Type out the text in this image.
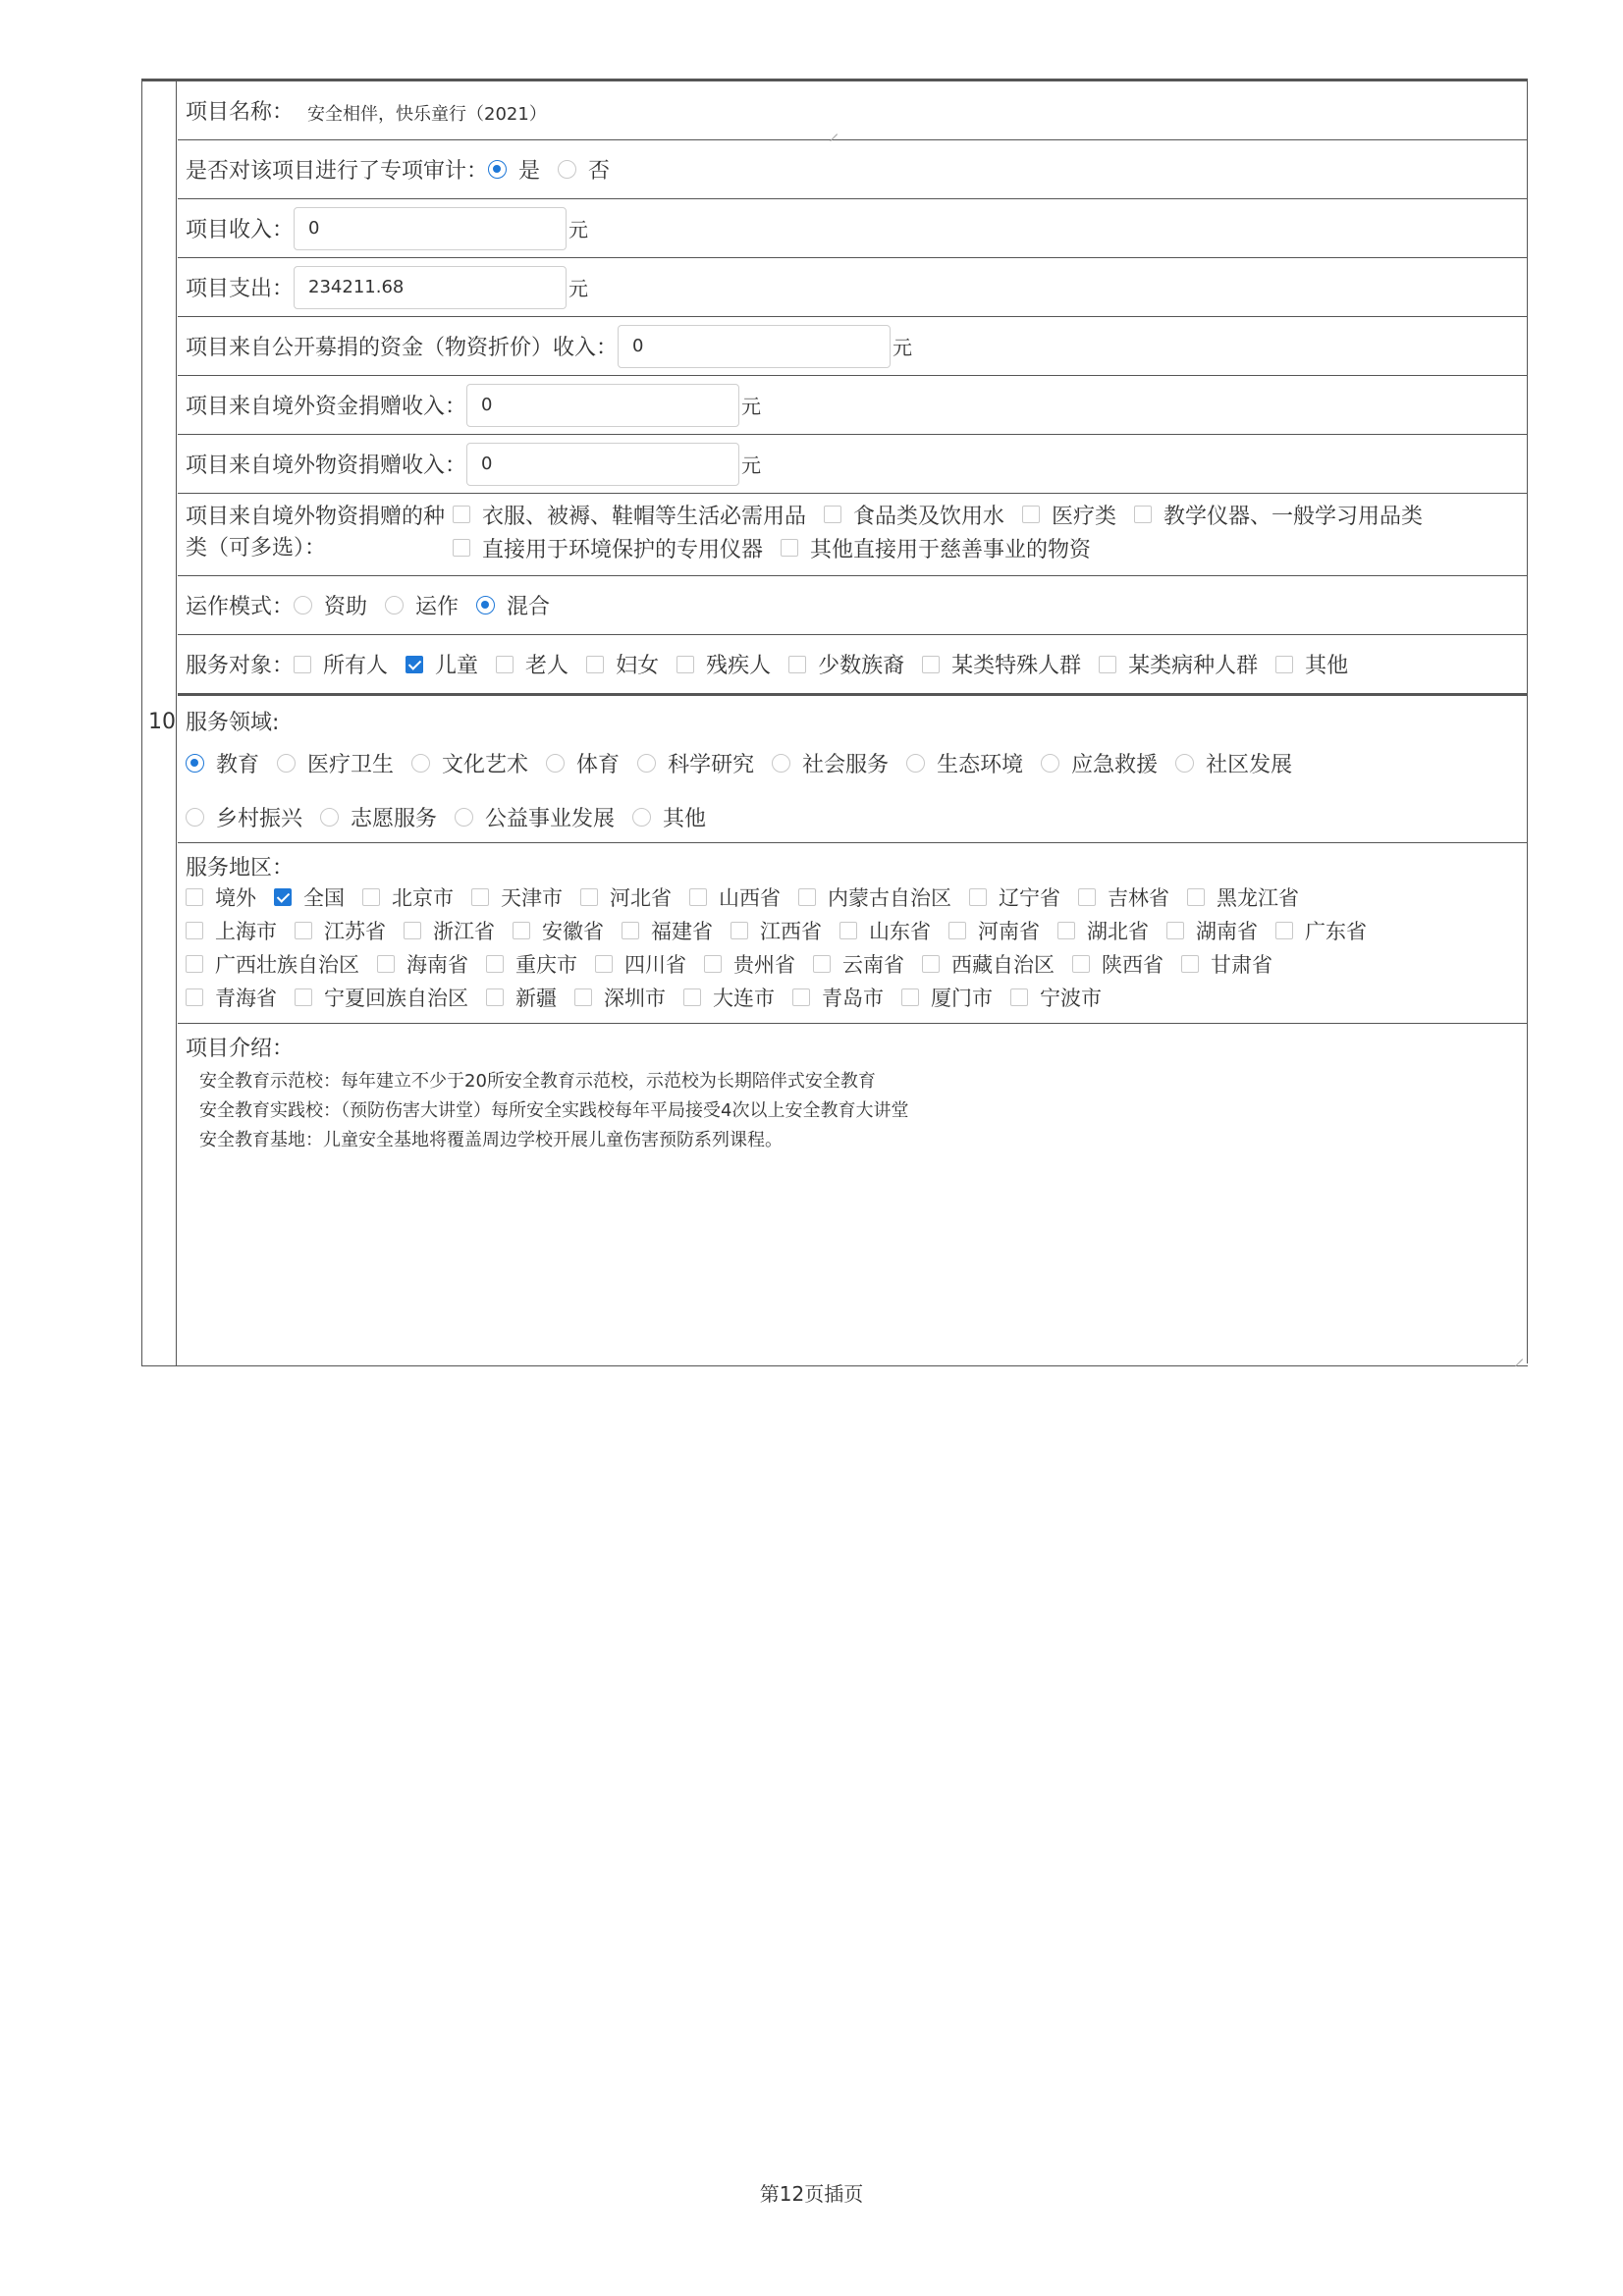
10
项目名称： 安全相伴，快乐童行（2021）
是否对该项目进行了专项审计： 是 否
项目收入： 0	元
项目支出： 234211.68	元
项目来自公开募捐的资金（物资折价）收入： 0	元
项目来自境外资金捐赠收入： 0	元
项目来自境外物资捐赠收入： 0	元
项目来自境外物资捐赠的种
类（可多选）：
衣服、被褥、鞋帽等生活必需用品 食品类及饮用水 医疗类 教学仪器、一般学习用品类
直接用于环境保护的专用仪器 其他直接用于慈善事业的物资
运作模式： 资助 运作 混合
服务对象： 所有人 儿童 老人 妇女 残疾人 少数族裔 某类特殊人群 某类病种人群 其他
服务领域:
教育 医疗卫生 文化艺术 体育 科学研究 社会服务 生态环境 应急救援 社区发展
乡村振兴 志愿服务 公益事业发展 其他
服务地区：
境外 全国 北京市 天津市 河北省 山西省 内蒙古自治区 辽宁省 吉林省 黑龙江省
上海市 江苏省 浙江省 安徽省 福建省 江西省 山东省 河南省 湖北省 湖南省 广东省
广西壮族自治区 海南省 重庆市 四川省 贵州省 云南省 西藏自治区 陕西省 甘肃省
青海省 宁夏回族自治区 新疆 深圳市 大连市 青岛市 厦门市 宁波市
项目介绍：
安全教育示范校：每年建立不少于20所安全教育示范校，示范校为长期陪伴式安全教育
安全教育实践校：（预防伤害大讲堂）每所安全实践校每年平局接受4次以上安全教育大讲堂
安全教育基地：儿童安全基地将覆盖周边学校开展儿童伤害预防系列课程。
第12页插页
